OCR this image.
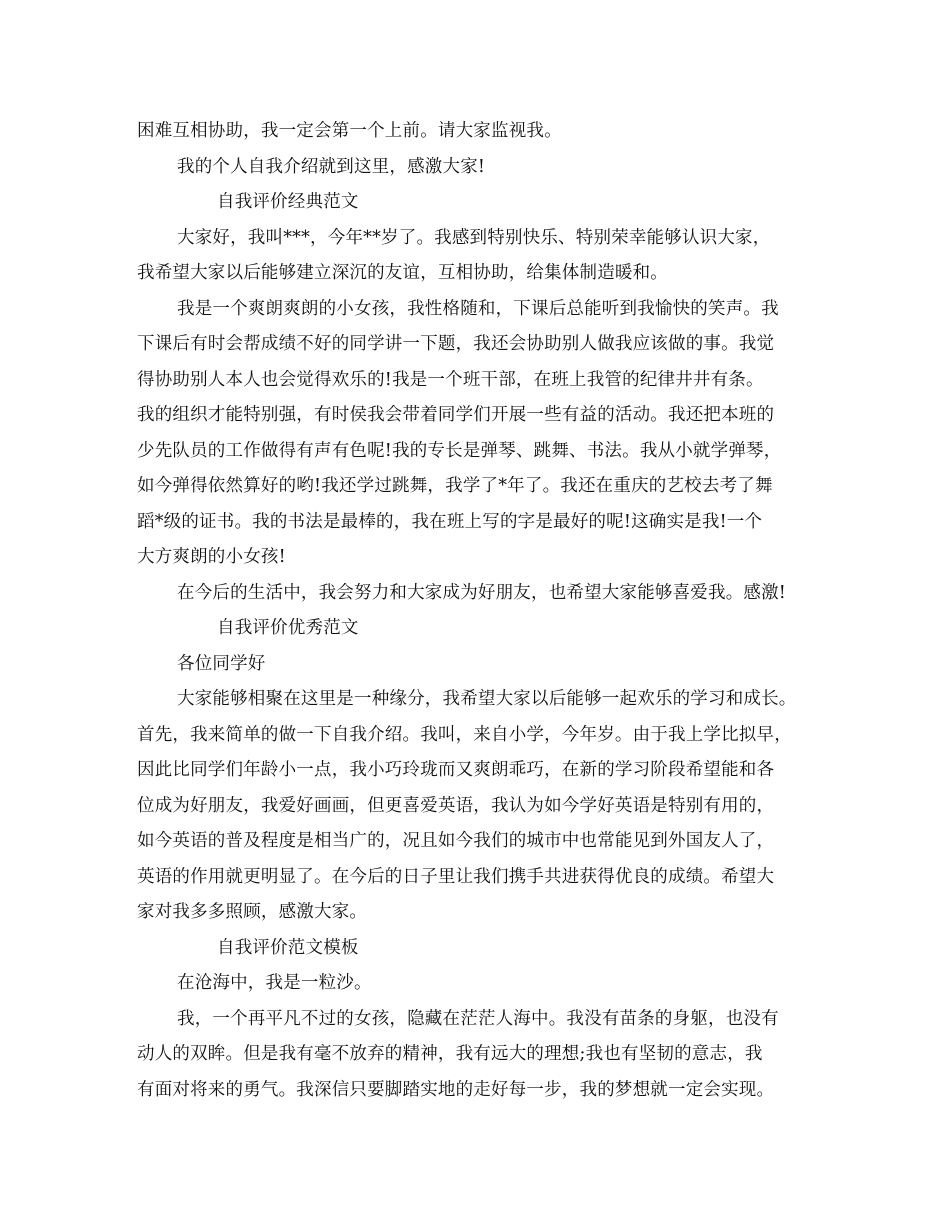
困难互相协助，我一定会第一个上前。请大家监视我。
我的个人自我介绍就到这里，感激大家!
自我评价经典范文
大家好，我叫***，今年**岁了。我感到特别快乐、特别荣幸能够认识大家，
我希望大家以后能够建立深沉的友谊，互相协助，给集体制造暖和。
我是一个爽朗爽朗的小女孩，我性格随和，下课后总能听到我愉快的笑声。我
下课后有时会帮成绩不好的同学讲一下题，我还会协助别人做我应该做的事。我觉
得协助别人本人也会觉得欢乐的!我是一个班干部，在班上我管的纪律井井有条。
我的组织才能特别强，有时侯我会带着同学们开展一些有益的活动。我还把本班的
少先队员的工作做得有声有色呢!我的专长是弹琴、跳舞、书法。我从小就学弹琴，
如今弹得依然算好的哟!我还学过跳舞，我学了*年了。我还在重庆的艺校去考了舞
蹈*级的证书。我的书法是最棒的，我在班上写的字是最好的呢!这确实是我!一个
大方爽朗的小女孩!
在今后的生活中，我会努力和大家成为好朋友，也希望大家能够喜爱我。感激!
自我评价优秀范文
各位同学好
大家能够相聚在这里是一种缘分，我希望大家以后能够一起欢乐的学习和成长。
首先，我来简单的做一下自我介绍。我叫，来自小学，今年岁。由于我上学比拟早，
因此比同学们年龄小一点，我小巧玲珑而又爽朗乖巧，在新的学习阶段希望能和各
位成为好朋友，我爱好画画，但更喜爱英语，我认为如今学好英语是特别有用的，
如今英语的普及程度是相当广的，况且如今我们的城市中也常能见到外国友人了，
英语的作用就更明显了。在今后的日子里让我们携手共进获得优良的成绩。希望大
家对我多多照顾，感激大家。
自我评价范文模板
在沧海中，我是一粒沙。
我，一个再平凡不过的女孩，隐藏在茫茫人海中。我没有苗条的身躯，也没有
动人的双眸。但是我有毫不放弃的精神，我有远大的理想;我也有坚韧的意志，我
有面对将来的勇气。我深信只要脚踏实地的走好每一步，我的梦想就一定会实现。
